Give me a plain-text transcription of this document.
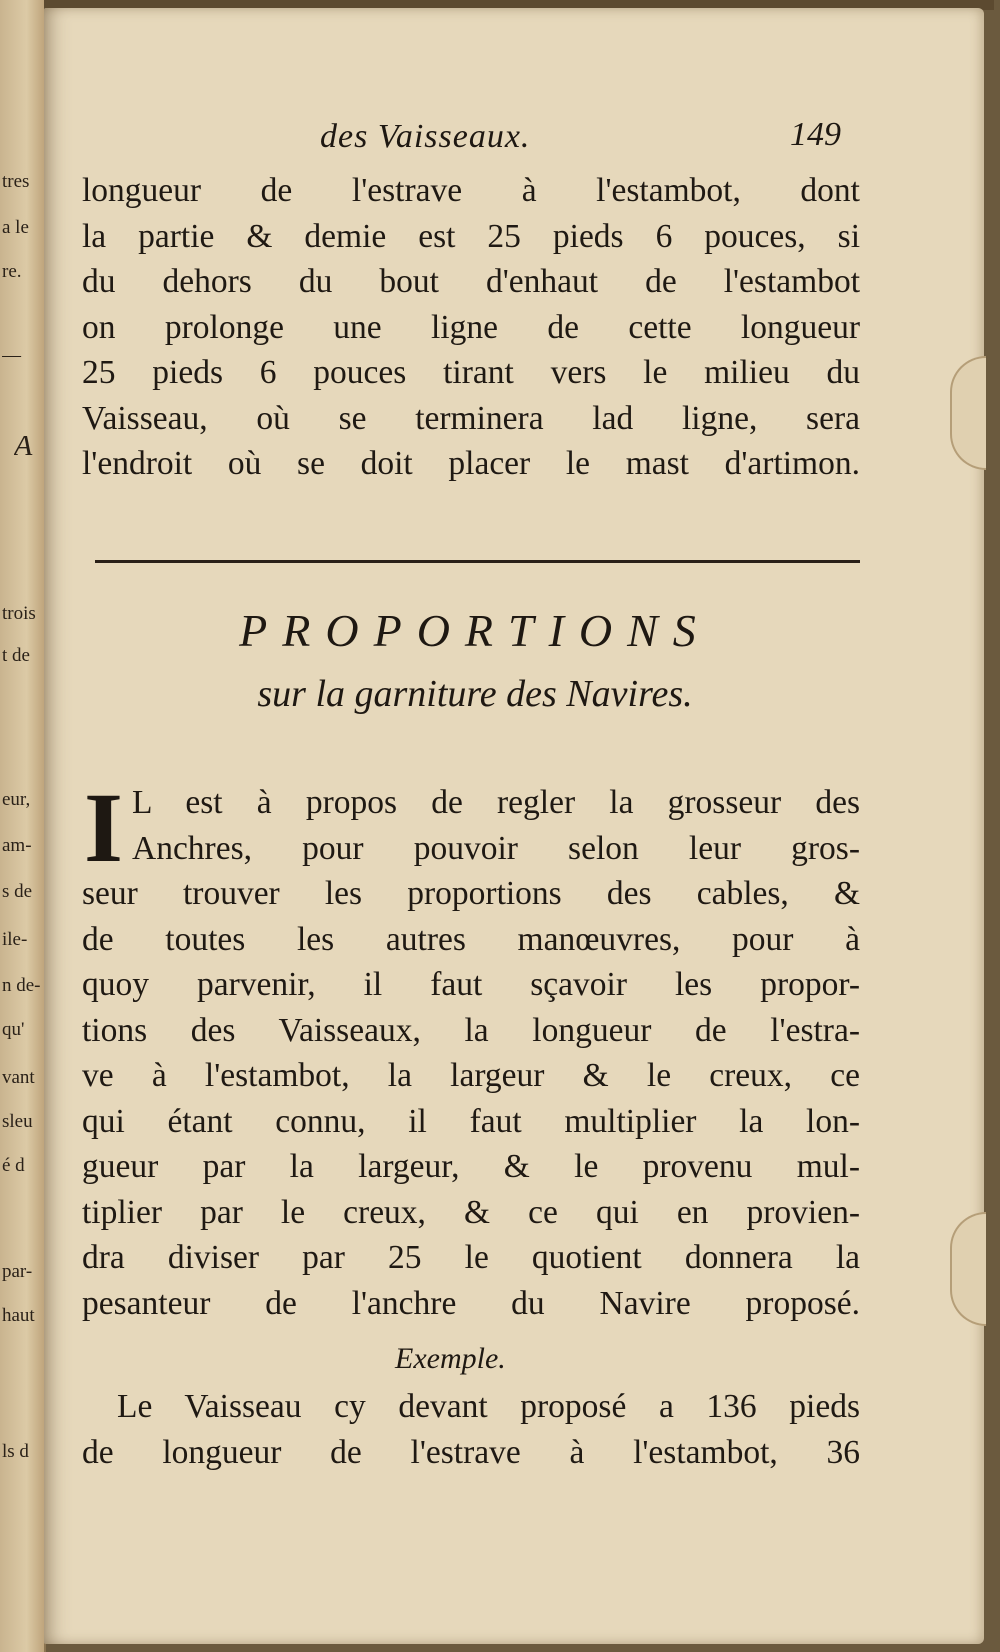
tres
a le
re.
—
A
trois
t de
eur,
am-
s de
ile-
n de-
qu'
vant
sleu
é d
par-
haut
ls d
des Vaisseaux.	149
longueur de l'estrave à l'estambot, dont
la partie & demie est 25 pieds 6 pouces, si
du dehors du bout d'enhaut de l'estambot
on prolonge une ligne de cette longueur
25 pieds 6 pouces tirant vers le milieu du
Vaisseau, où se terminera lad ligne, sera
l'endroit où se doit placer le mast d'artimon.
PROPORTIONS
sur la garniture des Navires.
I L est à propos de regler la grosseur des
Anchres, pour pouvoir selon leur gros-
seur trouver les proportions des cables, &
de toutes les autres manœuvres, pour à
quoy parvenir, il faut sçavoir les propor-
tions des Vaisseaux, la longueur de l'estra-
ve à l'estambot, la largeur & le creux, ce
qui étant connu, il faut multiplier la lon-
gueur par la largeur, & le provenu mul-
tiplier par le creux, & ce qui en provien-
dra diviser par 25 le quotient donnera la
pesanteur de l'anchre du Navire proposé.
Exemple.
Le Vaisseau cy devant proposé a 136 pieds
de longueur de l'estrave à l'estambot, 36
